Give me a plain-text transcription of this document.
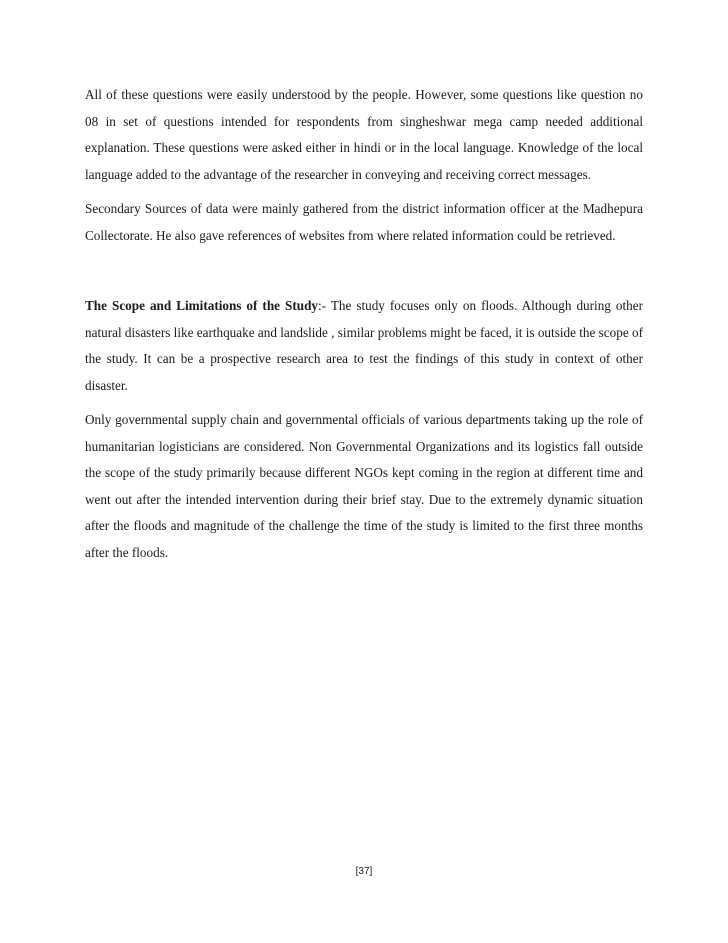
All of these questions were easily understood by the people. However, some questions like question no 08 in set of questions intended for respondents from singheshwar mega camp needed additional explanation. These questions were asked either in hindi or in the local language. Knowledge of the local language added to the advantage of the researcher in conveying and receiving correct messages.

Secondary Sources of data were mainly gathered from the district information officer at the Madhepura Collectorate. He also gave references of websites from where related information could be retrieved.

The Scope and Limitations of the Study:- The study focuses only on floods. Although during other natural disasters like earthquake and landslide , similar problems might be faced, it is outside the scope of the study. It can be a prospective research area to test the findings of this study in context of other disaster.

Only governmental supply chain and governmental officials of various departments taking up the role of humanitarian logisticians are considered. Non Governmental Organizations and its logistics fall outside the scope of the study primarily because different NGOs kept coming in the region at different time and went out after the intended intervention during their brief stay. Due to the extremely dynamic situation after the floods and magnitude of the challenge the time of the study is limited to the first three months after the floods.

[37]
